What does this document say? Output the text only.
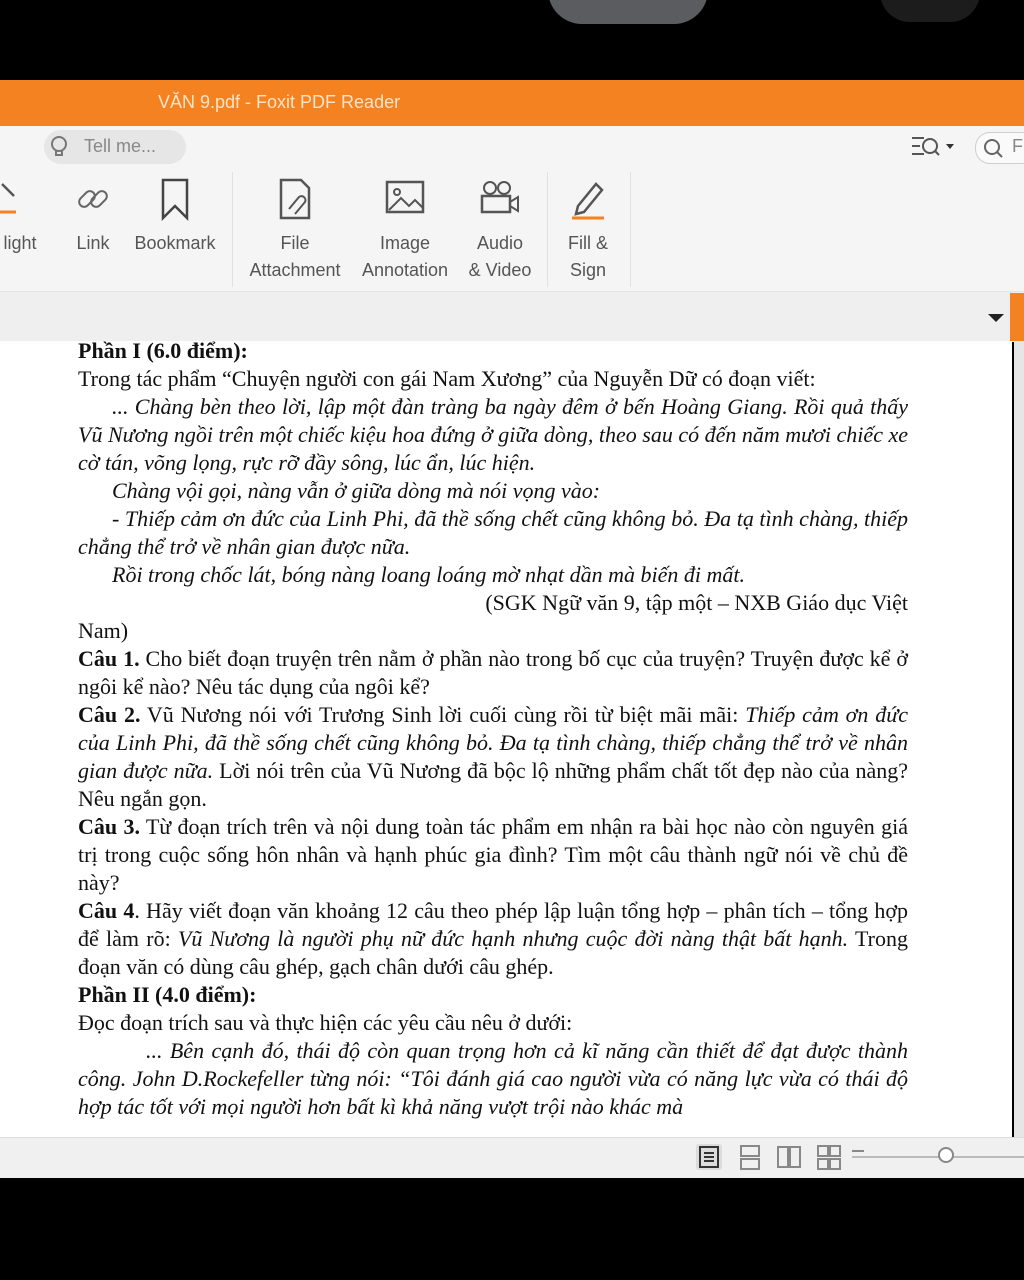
VĂN 9.pdf - Foxit PDF Reader
Tell me...	F
light	Link	Bookmark	File
Attachment
Image
Annotation
Audio
& Video
Fill &
Sign

Phần I (6.0 điểm):

Trong tác phẩm “Chuyện người con gái Nam Xương” của Nguyễn Dữ có đoạn viết:

... Chàng bèn theo lời, lập một đàn tràng ba ngày đêm ở bến Hoàng Giang. Rồi quả thấy Vũ Nương ngồi trên một chiếc kiệu hoa đứng ở giữa dòng, theo sau có đến năm mươi chiếc xe cờ tán, võng lọng, rực rỡ đầy sông, lúc ẩn, lúc hiện.

Chàng vội gọi, nàng vẫn ở giữa dòng mà nói vọng vào:

- Thiếp cảm ơn đức của Linh Phi, đã thề sống chết cũng không bỏ. Đa tạ tình chàng, thiếp chẳng thể trở về nhân gian được nữa.

Rồi trong chốc lát, bóng nàng loang loáng mờ nhạt dần mà biến đi mất.

(SGK Ngữ văn 9, tập một – NXB Giáo dục Việt

Nam)

Câu 1. Cho biết đoạn truyện trên nằm ở phần nào trong bố cục của truyện? Truyện được kể ở ngôi kể nào? Nêu tác dụng của ngôi kể?

Câu 2. Vũ Nương nói với Trương Sinh lời cuối cùng rồi từ biệt mãi mãi: Thiếp cảm ơn đức của Linh Phi, đã thề sống chết cũng không bỏ. Đa tạ tình chàng, thiếp chẳng thể trở về nhân gian được nữa. Lời nói trên của Vũ Nương đã bộc lộ những phẩm chất tốt đẹp nào của nàng? Nêu ngắn gọn.

Câu 3. Từ đoạn trích trên và nội dung toàn tác phẩm em nhận ra bài học nào còn nguyên giá trị trong cuộc sống hôn nhân và hạnh phúc gia đình? Tìm một câu thành ngữ nói về chủ đề này?

Câu 4. Hãy viết đoạn văn khoảng 12 câu theo phép lập luận tổng hợp – phân tích – tổng hợp để làm rõ: Vũ Nương là người phụ nữ đức hạnh nhưng cuộc đời nàng thật bất hạnh. Trong đoạn văn có dùng câu ghép, gạch chân dưới câu ghép.

Phần II (4.0 điểm):

Đọc đoạn trích sau và thực hiện các yêu cầu nêu ở dưới:

... Bên cạnh đó, thái độ còn quan trọng hơn cả kĩ năng cần thiết để đạt được thành công. John D.Rockefeller từng nói: “Tôi đánh giá cao người vừa có năng lực vừa có thái độ hợp tác tốt với mọi người hơn bất kì khả năng vượt trội nào khác mà
